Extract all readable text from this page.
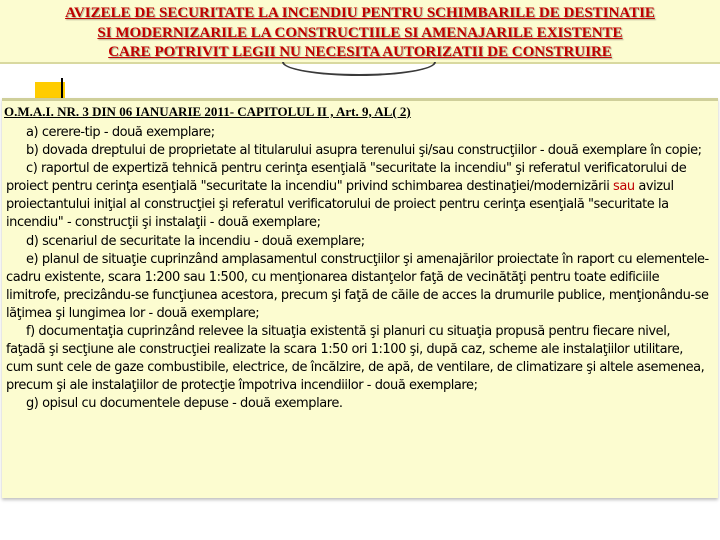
AVIZELE DE SECURITATE LA INCENDIU PENTRU SCHIMBARILE DE DESTINATIE
SI MODERNIZARILE LA CONSTRUCTIILE SI AMENAJARILE EXISTENTE
CARE POTRIVIT LEGII NU NECESITA AUTORIZATII DE CONSTRUIRE
O.M.A.I. NR. 3 DIN 06 IANUARIE 2011- CAPITOLUL II , Art. 9, AL( 2)

a) cerere-tip - două exemplare;

b) dovada dreptului de proprietate al titularului asupra terenului şi/sau construcţiilor - două exemplare în copie;

c) raportul de expertiză tehnică pentru cerinţa esenţială "securitate la incendiu" şi referatul verificatorului de proiect pentru cerinţa esenţială "securitate la incendiu" privind schimbarea destinaţiei/modernizării sau avizul proiectantului iniţial al construcţiei şi referatul verificatorului de proiect pentru cerinţa esenţială "securitate la incendiu" - construcţii şi instalaţii - două exemplare;

d) scenariul de securitate la incendiu - două exemplare;

e) planul de situaţie cuprinzând amplasamentul construcţiilor şi amenajărilor proiectate în raport cu elementele-cadru existente, scara 1:200 sau 1:500, cu menţionarea distanţelor faţă de vecinătăţi pentru toate edificiile limitrofe, precizându-se funcţiunea acestora, precum şi faţă de căile de acces la drumurile publice, menţionându-se lăţimea şi lungimea lor - două exemplare;

f) documentaţia cuprinzând relevee la situaţia existentă şi planuri cu situaţia propusă pentru fiecare nivel, faţadă şi secţiune ale construcţiei realizate la scara 1:50 ori 1:100 şi, după caz, scheme ale instalaţiilor utilitare, cum sunt cele de gaze combustibile, electrice, de încălzire, de apă, de ventilare, de climatizare şi altele asemenea, precum şi ale instalaţiilor de protecţie împotriva incendiilor - două exemplare;

g) opisul cu documentele depuse - două exemplare.
